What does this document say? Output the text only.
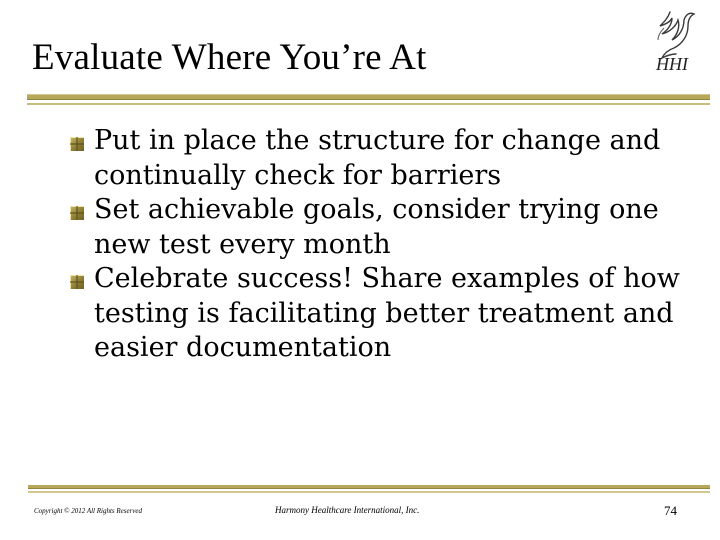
Evaluate Where You’re At	HHI
Put in place the structure for change and continually check for barriers
Set achievable goals, consider trying one new test every month
Celebrate success! Share examples of how testing is facilitating better treatment and easier documentation
Copyright © 2012 All Rights Reserved	Harmony Healthcare International, Inc.	74
